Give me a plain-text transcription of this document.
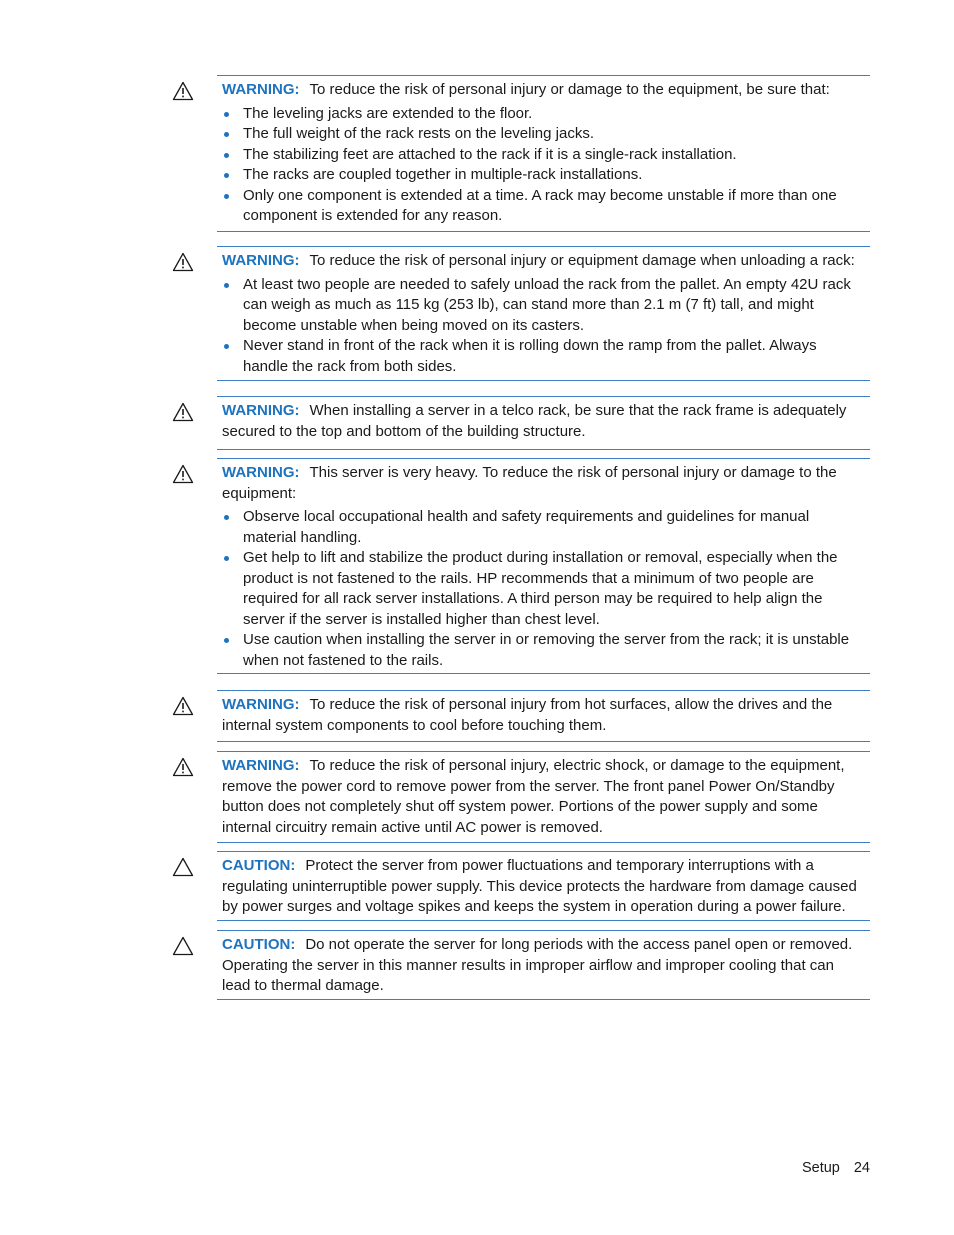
WARNING: To reduce the risk of personal injury or damage to the equipment, be sure that:

The leveling jacks are extended to the floor.
The full weight of the rack rests on the leveling jacks.
The stabilizing feet are attached to the rack if it is a single-rack installation.
The racks are coupled together in multiple-rack installations.
Only one component is extended at a time. A rack may become unstable if more than one component is extended for any reason.

WARNING: To reduce the risk of personal injury or equipment damage when unloading a rack:

At least two people are needed to safely unload the rack from the pallet. An empty 42U rack can weigh as much as 115 kg (253 lb), can stand more than 2.1 m (7 ft) tall, and might become unstable when being moved on its casters.
Never stand in front of the rack when it is rolling down the ramp from the pallet. Always handle the rack from both sides.

WARNING: When installing a server in a telco rack, be sure that the rack frame is adequately secured to the top and bottom of the building structure.

WARNING: This server is very heavy. To reduce the risk of personal injury or damage to the equipment:

Observe local occupational health and safety requirements and guidelines for manual material handling.
Get help to lift and stabilize the product during installation or removal, especially when the product is not fastened to the rails. HP recommends that a minimum of two people are required for all rack server installations. A third person may be required to help align the server if the server is installed higher than chest level.
Use caution when installing the server in or removing the server from the rack; it is unstable when not fastened to the rails.

WARNING: To reduce the risk of personal injury from hot surfaces, allow the drives and the internal system components to cool before touching them.

WARNING: To reduce the risk of personal injury, electric shock, or damage to the equipment, remove the power cord to remove power from the server. The front panel Power On/Standby button does not completely shut off system power. Portions of the power supply and some internal circuitry remain active until AC power is removed.

CAUTION: Protect the server from power fluctuations and temporary interruptions with a regulating uninterruptible power supply. This device protects the hardware from damage caused by power surges and voltage spikes and keeps the system in operation during a power failure.

CAUTION: Do not operate the server for long periods with the access panel open or removed. Operating the server in this manner results in improper airflow and improper cooling that can lead to thermal damage.

Setup 24
